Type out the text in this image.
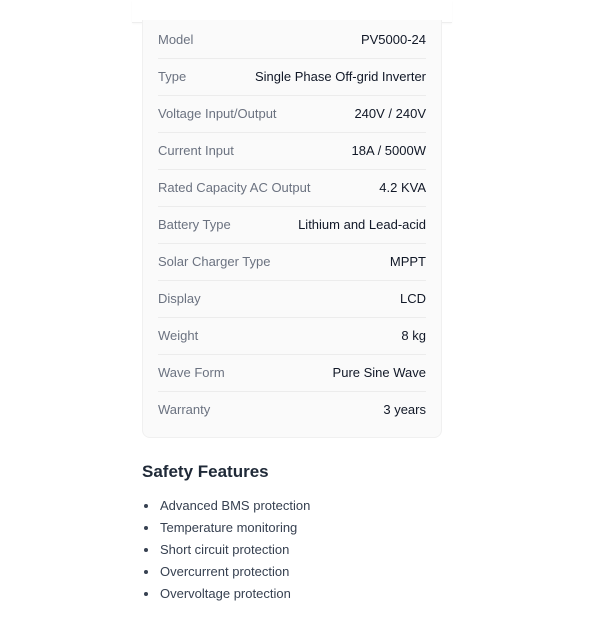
Model	PV5000-24
Type	Single Phase Off-grid Inverter
Voltage Input/Output	240V / 240V
Current Input	18A / 5000W
Rated Capacity AC Output	4.2 KVA
Battery Type	Lithium and Lead-acid
Solar Charger Type	MPPT
Display	LCD
Weight	8 kg
Wave Form	Pure Sine Wave
Warranty	3 years
Safety Features
Advanced BMS protection
Temperature monitoring
Short circuit protection
Overcurrent protection
Overvoltage protection
